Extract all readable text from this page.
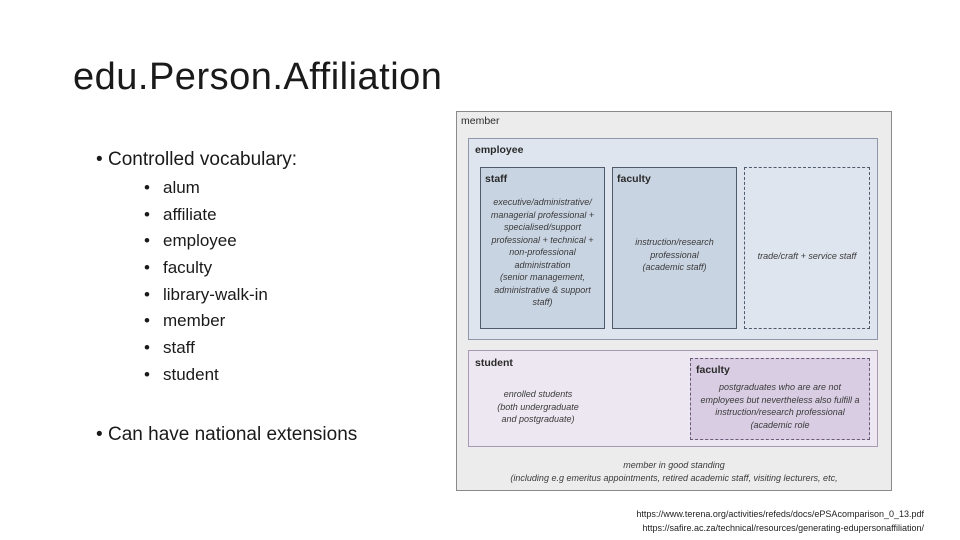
edu.Person.Affiliation
• Controlled vocabulary:
• alum
• affiliate
• employee
• faculty
• library-walk-in
• member
• staff
• student
• Can have national extensions
member
employee
staff
executive/administrative/
managerial professional +
specialised/support
professional + technical +
non-professional
administration
(senior management,
administrative & support
staff)
faculty
instruction/research
professional
(academic staff)
trade/craft + service staff
student
enrolled students
(both undergraduate
and postgraduate)
faculty
postgraduates who are are not
employees but nevertheless also fulfill a
instruction/research professional
(academic role
member in good standing
(including e.g emeritus appointments, retired academic staff, visiting lecturers, etc,
https://www.terena.org/activities/refeds/docs/ePSAcomparison_0_13.pdf
https://safire.ac.za/technical/resources/generating-edupersonaffiliation/
